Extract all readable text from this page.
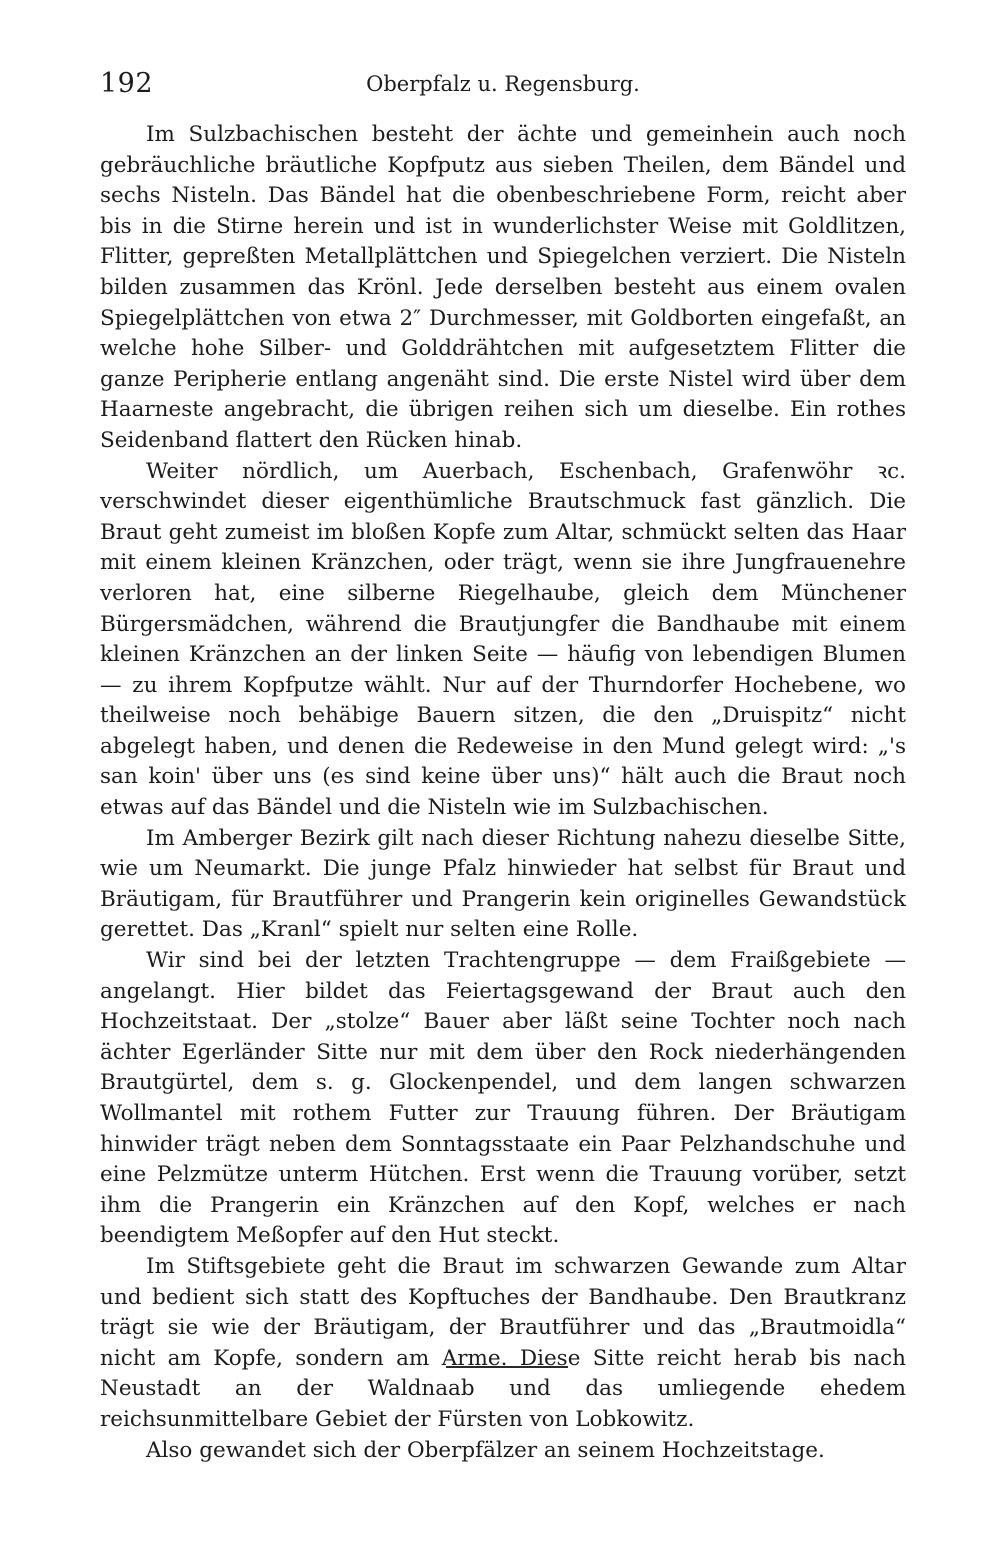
192	Oberpfalz u. Regensburg.

Im Sulzbachischen besteht der ächte und gemeinhein auch noch gebräuchliche bräutliche Kopfputz aus sieben Theilen, dem Bändel und sechs Nisteln. Das Bändel hat die obenbeschriebene Form, reicht aber bis in die Stirne herein und ist in wunderlichster Weise mit Goldlitzen, Flitter, gepreßten Metallplättchen und Spiegelchen verziert. Die Nisteln bilden zusammen das Krönl. Jede derselben besteht aus einem ovalen Spiegelplättchen von etwa 2″ Durchmesser, mit Goldborten eingefaßt, an welche hohe Silber- und Golddrähtchen mit aufgesetztem Flitter die ganze Peripherie entlang angenäht sind. Die erste Nistel wird über dem Haarneste angebracht, die übrigen reihen sich um dieselbe. Ein rothes Seidenband flattert den Rücken hinab.

Weiter nördlich, um Auerbach, Eschenbach, Grafenwöhr ꝛc. verschwindet dieser eigenthümliche Brautschmuck fast gänzlich. Die Braut geht zumeist im bloßen Kopfe zum Altar, schmückt selten das Haar mit einem kleinen Kränzchen, oder trägt, wenn sie ihre Jungfrauenehre verloren hat, eine silberne Riegelhaube, gleich dem Münchener Bürgersmädchen, während die Brautjungfer die Bandhaube mit einem kleinen Kränzchen an der linken Seite — häufig von lebendigen Blumen — zu ihrem Kopfputze wählt. Nur auf der Thurndorfer Hochebene, wo theilweise noch behäbige Bauern sitzen, die den „Druispitz“ nicht abgelegt haben, und denen die Redeweise in den Mund gelegt wird: „'s san koin' über uns (es sind keine über uns)“ hält auch die Braut noch etwas auf das Bändel und die Nisteln wie im Sulzbachischen.

Im Amberger Bezirk gilt nach dieser Richtung nahezu dieselbe Sitte, wie um Neumarkt. Die junge Pfalz hinwieder hat selbst für Braut und Bräutigam, für Brautführer und Prangerin kein originelles Gewandstück gerettet. Das „Kranl“ spielt nur selten eine Rolle.

Wir sind bei der letzten Trachtengruppe — dem Fraißgebiete — angelangt. Hier bildet das Feiertagsgewand der Braut auch den Hochzeitstaat. Der „stolze“ Bauer aber läßt seine Tochter noch nach ächter Egerländer Sitte nur mit dem über den Rock niederhängenden Brautgürtel, dem s. g. Glockenpendel, und dem langen schwarzen Wollmantel mit rothem Futter zur Trauung führen. Der Bräutigam hinwider trägt neben dem Sonntagsstaate ein Paar Pelzhandschuhe und eine Pelzmütze unterm Hütchen. Erst wenn die Trauung vorüber, setzt ihm die Prangerin ein Kränzchen auf den Kopf, welches er nach beendigtem Meßopfer auf den Hut steckt.

Im Stiftsgebiete geht die Braut im schwarzen Gewande zum Altar und bedient sich statt des Kopftuches der Bandhaube. Den Brautkranz trägt sie wie der Bräutigam, der Brautführer und das „Brautmoidla“ nicht am Kopfe, sondern am Arme. Diese Sitte reicht herab bis nach Neustadt an der Waldnaab und das umliegende ehedem reichsunmittelbare Gebiet der Fürsten von Lobkowitz.

Also gewandet sich der Oberpfälzer an seinem Hochzeitstage.
